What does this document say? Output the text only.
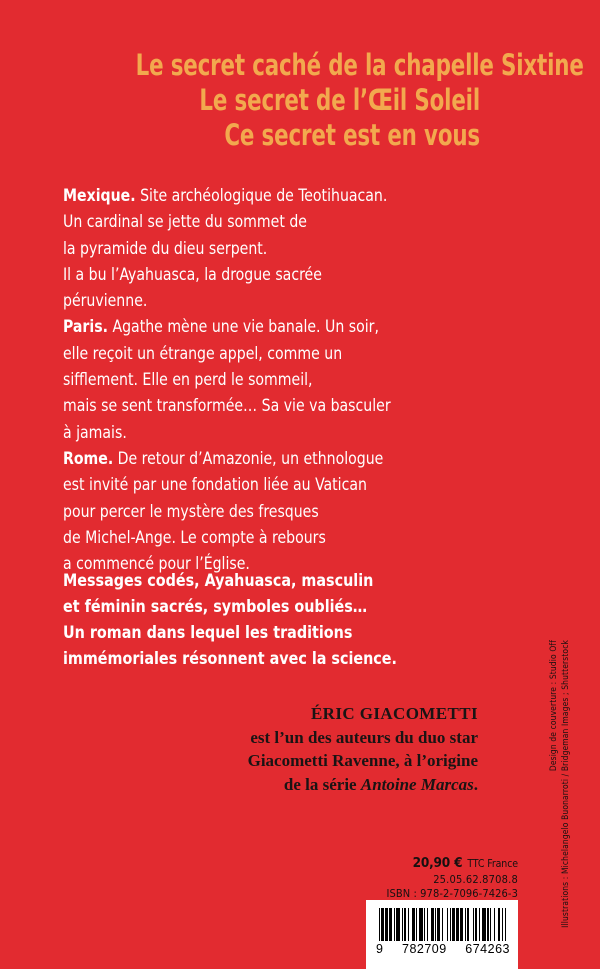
Le secret caché de la chapelle Sixtine
Le secret de l’Œil Soleil
Ce secret est en vous

Mexique. Site archéologique de Teotihuacan.

Un cardinal se jette du sommet de

la pyramide du dieu serpent.

Il a bu l’Ayahuasca, la drogue sacrée

péruvienne.

Paris. Agathe mène une vie banale. Un soir,

elle reçoit un étrange appel, comme un

sifflement. Elle en perd le sommeil,

mais se sent transformée… Sa vie va basculer

à jamais.

Rome. De retour d’Amazonie, un ethnologue

est invité par une fondation liée au Vatican

pour percer le mystère des fresques

de Michel-Ange. Le compte à rebours

a commencé pour l’Église.

Messages codés, Ayahuasca, masculin
et féminin sacrés, symboles oubliés…
Un roman dans lequel les traditions
immémoriales résonnent avec la science.
ÉRIC GIACOMETTI
est l’un des auteurs du duo star
Giacometti Ravenne, à l’origine
de la série Antoine Marcas.
20,90 € TTC France
25.05.62.8708.8
ISBN : 978-2-7096-7426-3
Design de couverture : Studio Off Illustrations : Michelangelo Buonarroti / Bridgeman Images ; Shutterstock
9 782709 674263
